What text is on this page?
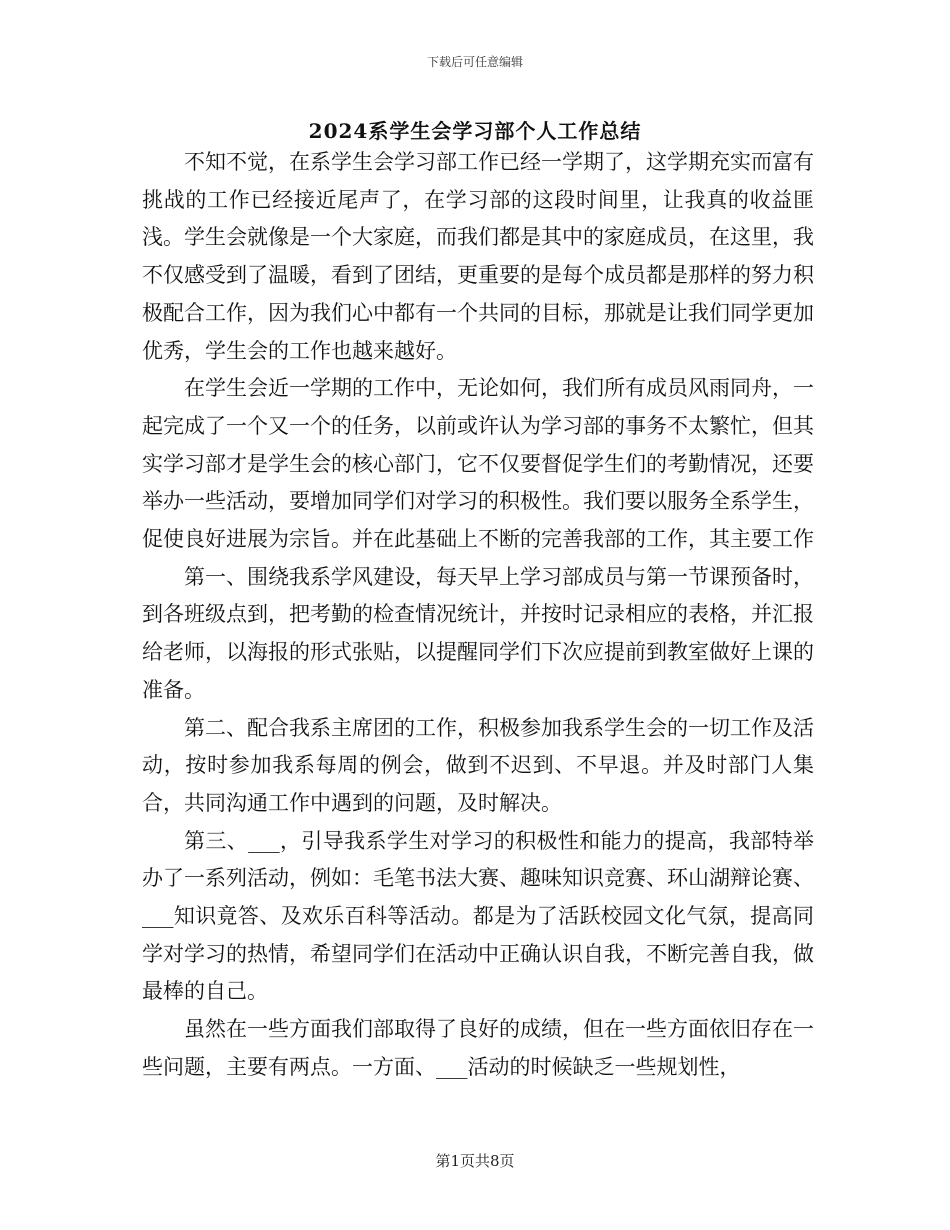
下载后可任意编辑
2024系学生会学习部个人工作总结

不知不觉，在系学生会学习部工作已经一学期了，这学期充实而富有挑战的工作已经接近尾声了，在学习部的这段时间里，让我真的收益匪浅。学生会就像是一个大家庭，而我们都是其中的家庭成员，在这里，我不仅感受到了温暖，看到了团结，更重要的是每个成员都是那样的努力积极配合工作，因为我们心中都有一个共同的目标，那就是让我们同学更加优秀，学生会的工作也越来越好。

在学生会近一学期的工作中，无论如何，我们所有成员风雨同舟，一起完成了一个又一个的任务，以前或许认为学习部的事务不太繁忙，但其实学习部才是学生会的核心部门，它不仅要督促学生们的考勤情况，还要举办一些活动，要增加同学们对学习的积极性。我们要以服务全系学生，促使良好进展为宗旨。并在此基础上不断的完善我部的工作，其主要工作

第一、围绕我系学风建设，每天早上学习部成员与第一节课预备时，到各班级点到，把考勤的检查情况统计，并按时记录相应的表格，并汇报给老师，以海报的形式张贴，以提醒同学们下次应提前到教室做好上课的准备。

第二、配合我系主席团的工作，积极参加我系学生会的一切工作及活动，按时参加我系每周的例会，做到不迟到、不早退。并及时部门人集合，共同沟通工作中遇到的问题，及时解决。

第三、___，引导我系学生对学习的积极性和能力的提高，我部特举办了一系列活动，例如：毛笔书法大赛、趣味知识竞赛、环山湖辩论赛、___知识竟答、及欢乐百科等活动。都是为了活跃校园文化气氛，提高同学对学习的热情，希望同学们在活动中正确认识自我，不断完善自我，做最棒的自己。

虽然在一些方面我们部取得了良好的成绩，但在一些方面依旧存在一些问题，主要有两点。一方面、___活动的时候缺乏一些规划性，

第1页共8页
